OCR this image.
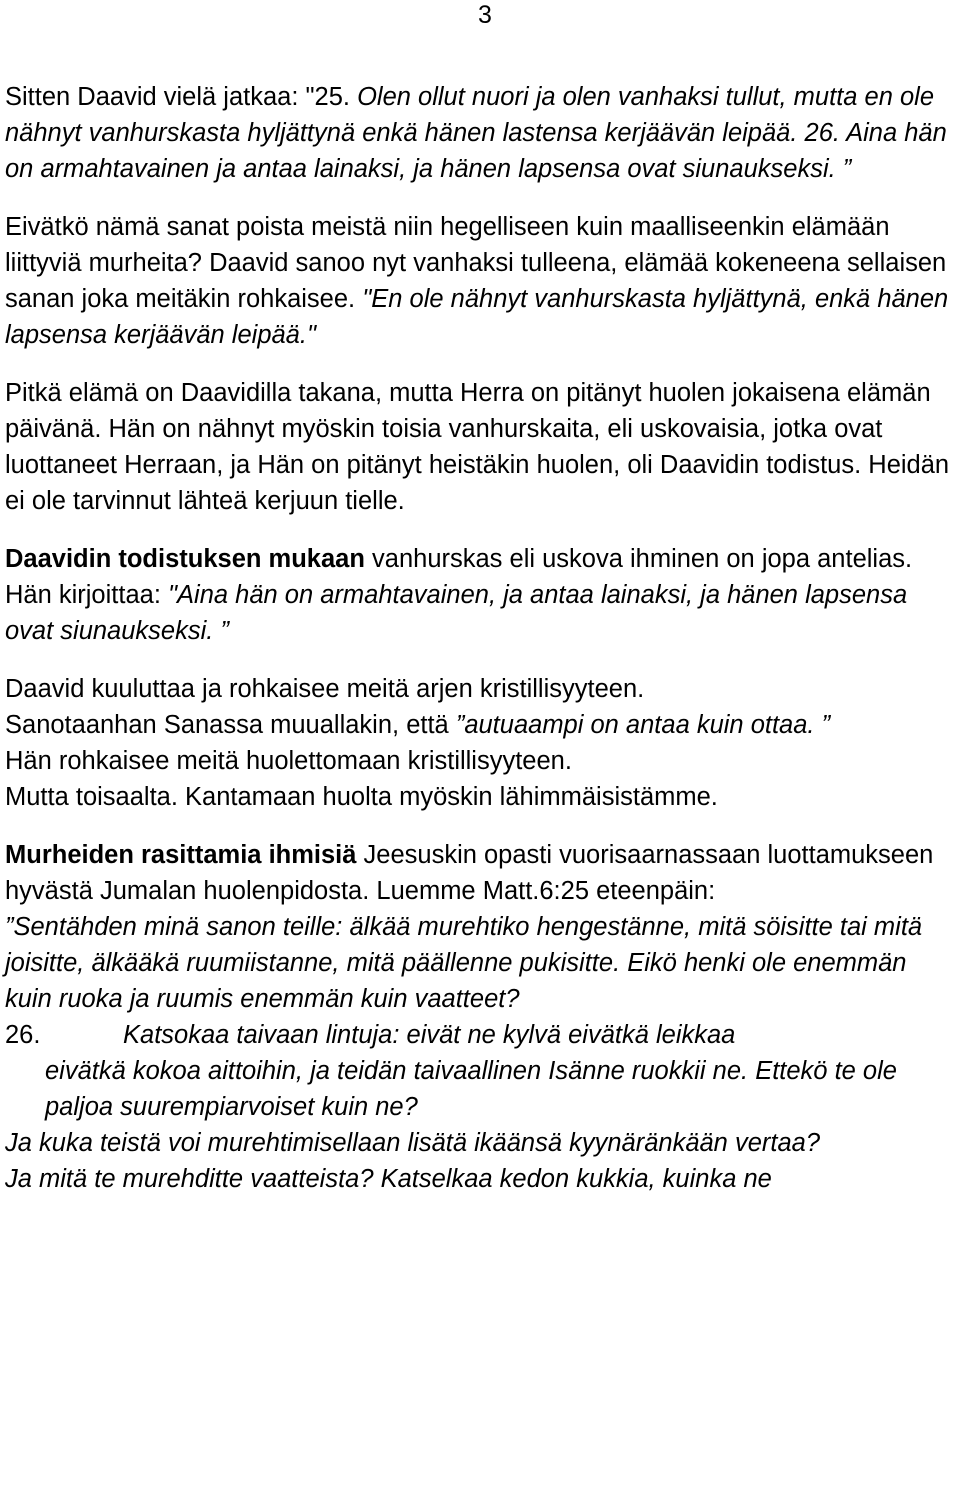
3

Sitten Daavid vielä jatkaa: "25. Olen ollut nuori ja olen vanhaksi tullut, mutta en ole nähnyt vanhurskasta hyljättynä enkä hänen lastensa kerjäävän leipää. 26. Aina hän on armahtavainen ja antaa lainaksi, ja hänen lapsensa ovat siunaukseksi. ”

Eivätkö nämä sanat poista meistä niin hegelliseen kuin maalliseenkin elämään liittyviä murheita? Daavid sanoo nyt vanhaksi tulleena, elämää kokeneena sellaisen sanan joka meitäkin rohkaisee. "En ole nähnyt vanhurskasta hyljättynä, enkä hänen lapsensa kerjäävän leipää."

Pitkä elämä on Daavidilla takana, mutta Herra on pitänyt huolen jokaisena elämän päivänä. Hän on nähnyt myöskin toisia vanhurskaita, eli uskovaisia, jotka ovat luottaneet Herraan, ja Hän on pitänyt heistäkin huolen, oli Daavidin todistus. Heidän ei ole tarvinnut lähteä kerjuun tielle.

Daavidin todistuksen mukaan vanhurskas eli uskova ihminen on jopa antelias. Hän kirjoittaa: "Aina hän on armahtavainen, ja antaa lainaksi, ja hänen lapsensa ovat siunaukseksi. ”

Daavid kuuluttaa ja rohkaisee meitä arjen kristillisyyteen.

Sanotaanhan Sanassa muuallakin, että ”autuaampi on antaa kuin ottaa. ”

Hän rohkaisee meitä huolettomaan kristillisyyteen.

Mutta toisaalta. Kantamaan huolta myöskin lähimmäisistämme.

Murheiden rasittamia ihmisiä Jeesuskin opasti vuorisaarnassaan luottamukseen hyvästä Jumalan huolenpidosta. Luemme Matt.6:25 eteenpäin:

”Sentähden minä sanon teille: älkää murehtiko hengestänne, mitä söisitte tai mitä joisitte, älkääkä ruumiistanne, mitä päällenne pukisitte. Eikö henki ole enemmän kuin ruoka ja ruumis enemmän kuin vaatteet?

26.	Katsokaa taivaan lintuja: eivät ne kylvä eivätkä leikkaa

eivätkä kokoa aittoihin, ja teidän taivaallinen Isänne ruokkii ne. Ettekö te ole paljoa suurempiarvoiset kuin ne?

Ja kuka teistä voi murehtimisellaan lisätä ikäänsä kyynäränkään vertaa?

Ja mitä te murehditte vaatteista? Katselkaa kedon kukkia, kuinka ne
